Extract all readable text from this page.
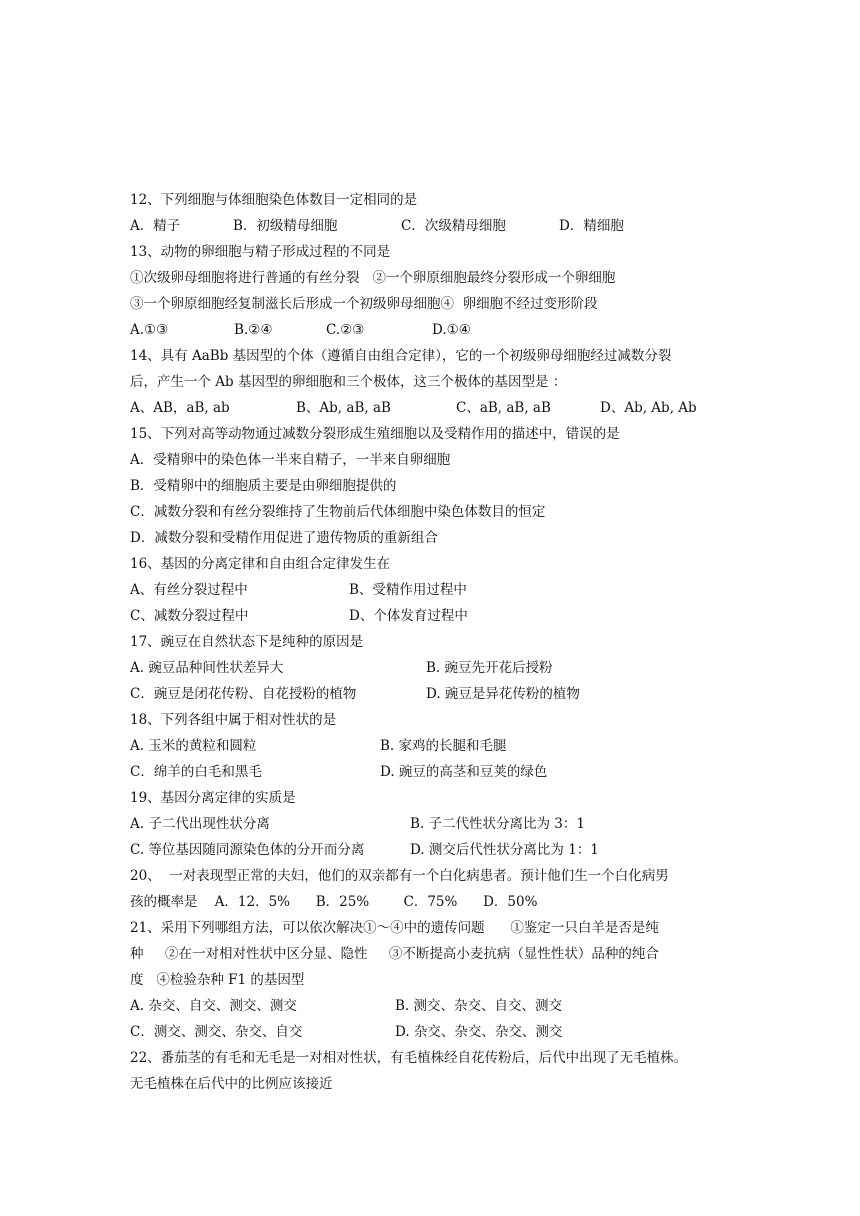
12、下列细胞与体细胞染色体数目一定相同的是

A．精子

	B．初级精母细胞

	C．次级精母细胞

	D．精细胞

13、动物的卵细胞与精子形成过程的不同是
①次级卵母细胞将进行普通的有丝分裂   ②一个卵原细胞最终分裂形成一个卵细胞
③一个卵原细胞经复制滋长后形成一个初级卵母细胞④  卵细胞不经过变形阶段

A.①③

	B.②④

	C.②③

	D.①④

14、具有 AaBb 基因型的个体（遵循自由组合定律），它的一个初级卵母细胞经过减数分裂
后，产生一个 Ab 基因型的卵细胞和三个极体，这三个极体的基因型是 ：

A、AB，aB, ab

	B、Ab, aB, aB

	C、aB, aB, aB

	D、Ab, Ab, Ab

15、下列对高等动物通过减数分裂形成生殖细胞以及受精作用的描述中，错误的是
A．受精卵中的染色体一半来自精子，一半来自卵细胞
B．受精卵中的细胞质主要是由卵细胞提供的
C．减数分裂和有丝分裂维持了生物前后代体细胞中染色体数目的恒定
D．减数分裂和受精作用促进了遗传物质的重新组合
16、基因的分离定律和自由组合定律发生在

A、有丝分裂过程中

	B、受精作用过程中

C、减数分裂过程中

	D、个体发育过程中

17、豌豆在自然状态下是纯种的原因是

A. 豌豆品种间性状差异大

	B. 豌豆先开花后授粉

C．豌豆是闭花传粉、自花授粉的植物

	D. 豌豆是异花传粉的植物

18、下列各组中属于相对性状的是

A. 玉米的黄粒和圆粒

	B. 家鸡的长腿和毛腿

C．绵羊的白毛和黑毛

	D. 豌豆的高茎和豆荚的绿色

19、基因分离定律的实质是

A. 子二代出现性状分离

	B. 子二代性状分离比为 3：1

C. 等位基因随同源染色体的分开而分离

	D. 测交后代性状分离比为 1：1

20、  一对表现型正常的夫妇，他们的双亲都有一个白化病患者。预计他们生一个白化病男
孩的概率是    A．12．5%      B．25%        C．75%      D．50%
21、采用下列哪组方法，可以依次解决①～④中的遗传问题      ①鉴定一只白羊是否是纯
种     ②在一对相对性状中区分显、隐性     ③不断提高小麦抗病（显性性状）品种的纯合
度   ④检验杂种 F1 的基因型

A. 杂交、自交、测交、测交

	B. 测交、杂交、自交、测交

C．测交、测交、杂交、自交

	D. 杂交、杂交、杂交、测交

22、番茄茎的有毛和无毛是一对相对性状，有毛植株经自花传粉后，后代中出现了无毛植株。
无毛植株在后代中的比例应该接近
